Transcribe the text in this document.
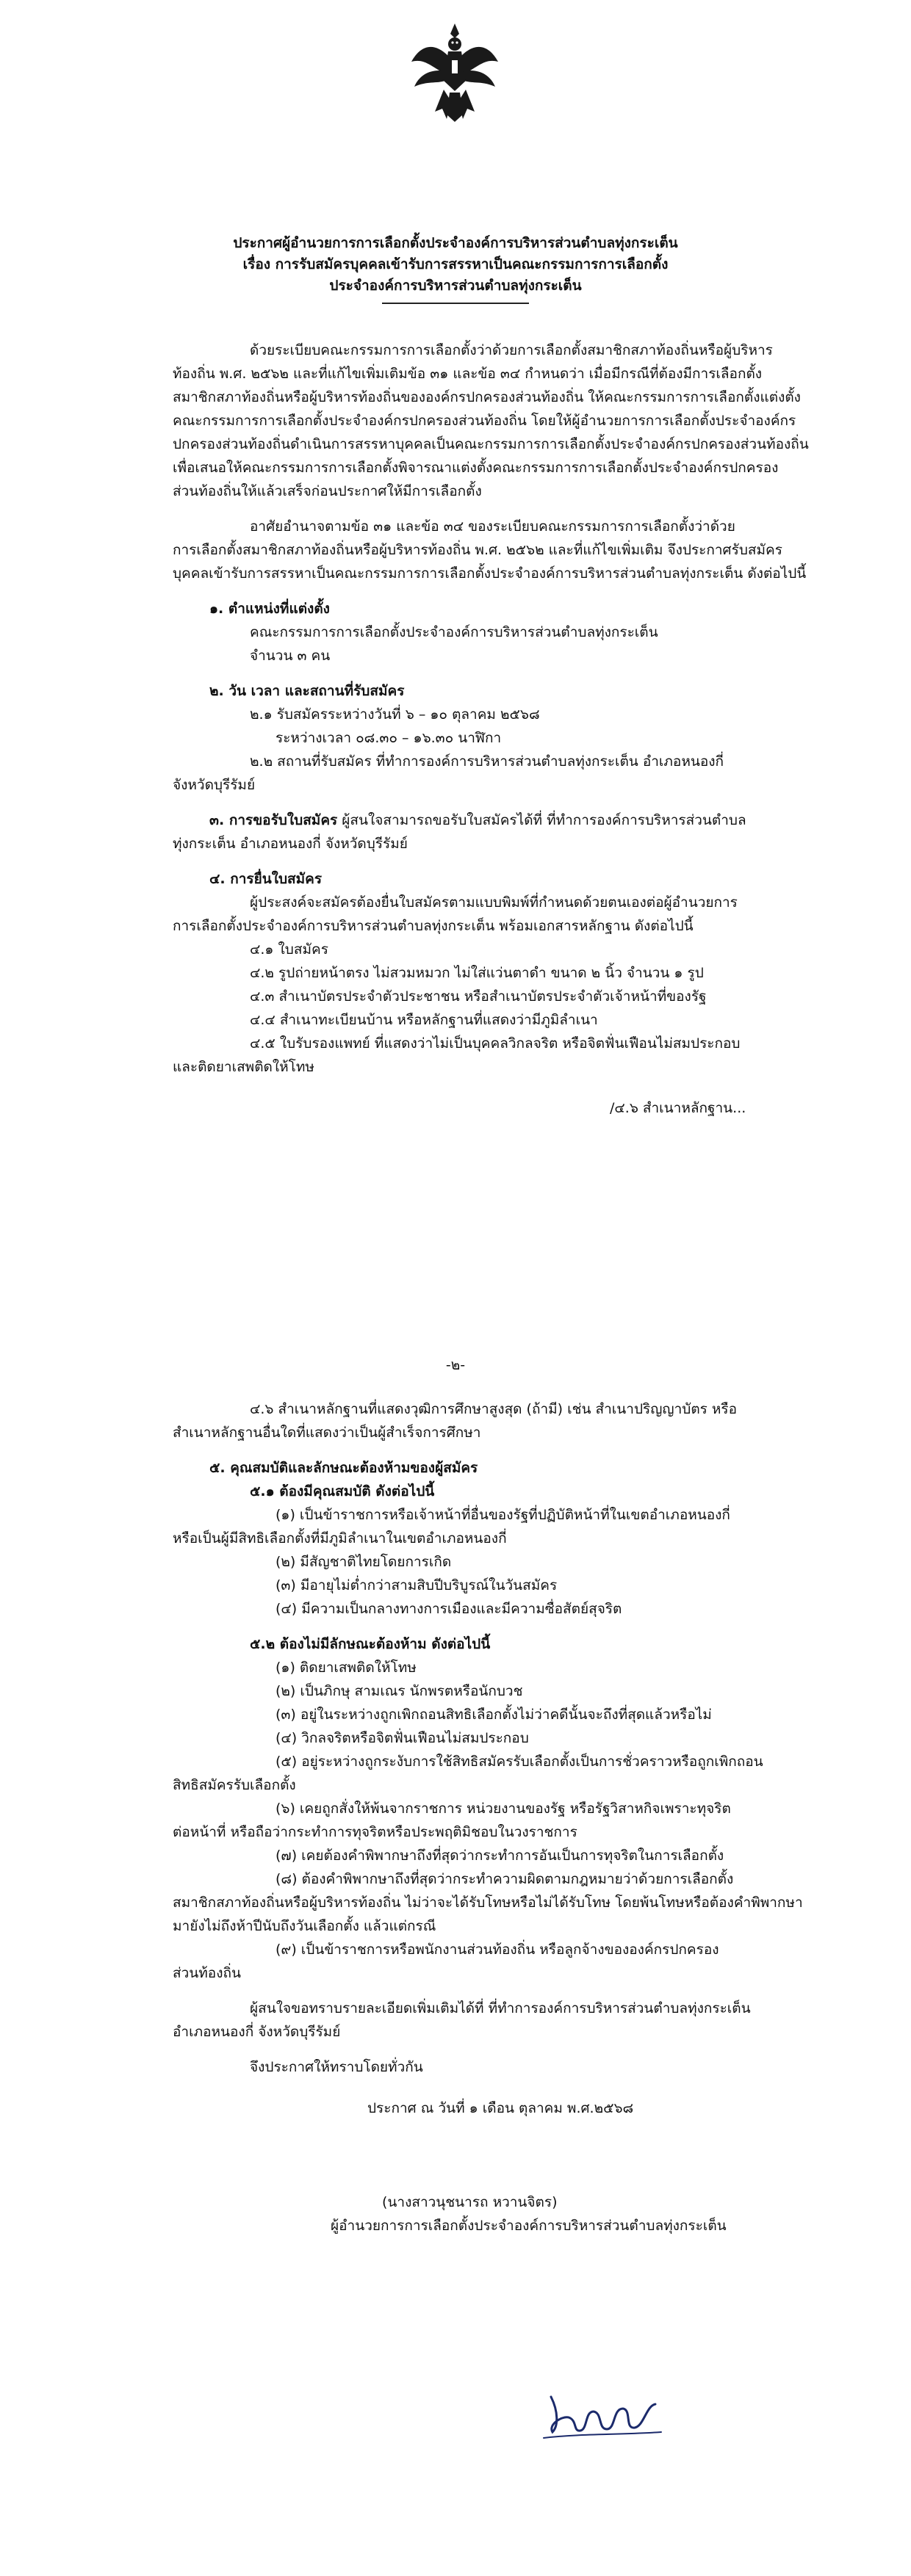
ประกาศผู้อำนวยการการเลือกตั้งประจำองค์การบริหารส่วนตำบลทุ่งกระเต็น
เรื่อง การรับสมัครบุคคลเข้ารับการสรรหาเป็นคณะกรรมการการเลือกตั้ง
ประจำองค์การบริหารส่วนตำบลทุ่งกระเต็น
ด้วยระเบียบคณะกรรมการการเลือกตั้งว่าด้วยการเลือกตั้งสมาชิกสภาท้องถิ่นหรือผู้บริหาร
ท้องถิ่น พ.ศ. ๒๕๖๒ และที่แก้ไขเพิ่มเติมข้อ ๓๑ และข้อ ๓๔ กำหนดว่า เมื่อมีกรณีที่ต้องมีการเลือกตั้ง
สมาชิกสภาท้องถิ่นหรือผู้บริหารท้องถิ่นขององค์กรปกครองส่วนท้องถิ่น ให้คณะกรรมการการเลือกตั้งแต่งตั้ง
คณะกรรมการการเลือกตั้งประจำองค์กรปกครองส่วนท้องถิ่น โดยให้ผู้อำนวยการการเลือกตั้งประจำองค์กร
ปกครองส่วนท้องถิ่นดำเนินการสรรหาบุคคลเป็นคณะกรรมการการเลือกตั้งประจำองค์กรปกครองส่วนท้องถิ่น
เพื่อเสนอให้คณะกรรมการการเลือกตั้งพิจารณาแต่งตั้งคณะกรรมการการเลือกตั้งประจำองค์กรปกครอง
ส่วนท้องถิ่นให้แล้วเสร็จก่อนประกาศให้มีการเลือกตั้ง
อาศัยอำนาจตามข้อ ๓๑ และข้อ ๓๔ ของระเบียบคณะกรรมการการเลือกตั้งว่าด้วย
การเลือกตั้งสมาชิกสภาท้องถิ่นหรือผู้บริหารท้องถิ่น พ.ศ. ๒๕๖๒ และที่แก้ไขเพิ่มเติม จึงประกาศรับสมัคร
บุคคลเข้ารับการสรรหาเป็นคณะกรรมการการเลือกตั้งประจำองค์การบริหารส่วนตำบลทุ่งกระเต็น ดังต่อไปนี้
๑. ตำแหน่งที่แต่งตั้ง
คณะกรรมการการเลือกตั้งประจำองค์การบริหารส่วนตำบลทุ่งกระเต็น
จำนวน ๓ คน
๒. วัน เวลา และสถานที่รับสมัคร
๒.๑ รับสมัครระหว่างวันที่ ๖ – ๑๐ ตุลาคม ๒๕๖๘
ระหว่างเวลา ๐๘.๓๐ – ๑๖.๓๐ นาฬิกา
๒.๒ สถานที่รับสมัคร ที่ทำการองค์การบริหารส่วนตำบลทุ่งกระเต็น อำเภอหนองกี่
จังหวัดบุรีรัมย์
๓. การขอรับใบสมัคร ผู้สนใจสามารถขอรับใบสมัครได้ที่ ที่ทำการองค์การบริหารส่วนตำบล
ทุ่งกระเต็น อำเภอหนองกี่ จังหวัดบุรีรัมย์
๔. การยื่นใบสมัคร
ผู้ประสงค์จะสมัครต้องยื่นใบสมัครตามแบบพิมพ์ที่กำหนดด้วยตนเองต่อผู้อำนวยการ
การเลือกตั้งประจำองค์การบริหารส่วนตำบลทุ่งกระเต็น พร้อมเอกสารหลักฐาน ดังต่อไปนี้
๔.๑ ใบสมัคร
๔.๒ รูปถ่ายหน้าตรง ไม่สวมหมวก ไม่ใส่แว่นตาดำ ขนาด ๒ นิ้ว จำนวน ๑ รูป
๔.๓ สำเนาบัตรประจำตัวประชาชน หรือสำเนาบัตรประจำตัวเจ้าหน้าที่ของรัฐ
๔.๔ สำเนาทะเบียนบ้าน หรือหลักฐานที่แสดงว่ามีภูมิลำเนา
๔.๕ ใบรับรองแพทย์ ที่แสดงว่าไม่เป็นบุคคลวิกลจริต หรือจิตฟั่นเฟือนไม่สมประกอบ
และติดยาเสพติดให้โทษ
/๔.๖ สำเนาหลักฐาน...
-๒-
๔.๖ สำเนาหลักฐานที่แสดงวุฒิการศึกษาสูงสุด (ถ้ามี) เช่น สำเนาปริญญาบัตร หรือ
สำเนาหลักฐานอื่นใดที่แสดงว่าเป็นผู้สำเร็จการศึกษา
๕. คุณสมบัติและลักษณะต้องห้ามของผู้สมัคร
๕.๑ ต้องมีคุณสมบัติ ดังต่อไปนี้
(๑) เป็นข้าราชการหรือเจ้าหน้าที่อื่นของรัฐที่ปฏิบัติหน้าที่ในเขตอำเภอหนองกี่
หรือเป็นผู้มีสิทธิเลือกตั้งที่มีภูมิลำเนาในเขตอำเภอหนองกี่
(๒) มีสัญชาติไทยโดยการเกิด
(๓) มีอายุไม่ต่ำกว่าสามสิบปีบริบูรณ์ในวันสมัคร
(๔) มีความเป็นกลางทางการเมืองและมีความซื่อสัตย์สุจริต
๕.๒ ต้องไม่มีลักษณะต้องห้าม ดังต่อไปนี้
(๑) ติดยาเสพติดให้โทษ
(๒) เป็นภิกษุ สามเณร นักพรตหรือนักบวช
(๓) อยู่ในระหว่างถูกเพิกถอนสิทธิเลือกตั้งไม่ว่าคดีนั้นจะถึงที่สุดแล้วหรือไม่
(๔) วิกลจริตหรือจิตฟั่นเฟือนไม่สมประกอบ
(๕) อยู่ระหว่างถูกระงับการใช้สิทธิสมัครรับเลือกตั้งเป็นการชั่วคราวหรือถูกเพิกถอน
สิทธิสมัครรับเลือกตั้ง
(๖) เคยถูกสั่งให้พ้นจากราชการ หน่วยงานของรัฐ หรือรัฐวิสาหกิจเพราะทุจริต
ต่อหน้าที่ หรือถือว่ากระทำการทุจริตหรือประพฤติมิชอบในวงราชการ
(๗) เคยต้องคำพิพากษาถึงที่สุดว่ากระทำการอันเป็นการทุจริตในการเลือกตั้ง
(๘) ต้องคำพิพากษาถึงที่สุดว่ากระทำความผิดตามกฎหมายว่าด้วยการเลือกตั้ง
สมาชิกสภาท้องถิ่นหรือผู้บริหารท้องถิ่น ไม่ว่าจะได้รับโทษหรือไม่ได้รับโทษ โดยพ้นโทษหรือต้องคำพิพากษา
มายังไม่ถึงห้าปีนับถึงวันเลือกตั้ง แล้วแต่กรณี
(๙) เป็นข้าราชการหรือพนักงานส่วนท้องถิ่น หรือลูกจ้างขององค์กรปกครอง
ส่วนท้องถิ่น
ผู้สนใจขอทราบรายละเอียดเพิ่มเติมได้ที่ ที่ทำการองค์การบริหารส่วนตำบลทุ่งกระเต็น
อำเภอหนองกี่ จังหวัดบุรีรัมย์
จึงประกาศให้ทราบโดยทั่วกัน
ประกาศ ณ วันที่ ๑ เดือน ตุลาคม พ.ศ.๒๕๖๘
(นางสาวนุชนารถ หวานจิตร)
ผู้อำนวยการการเลือกตั้งประจำองค์การบริหารส่วนตำบลทุ่งกระเต็น
